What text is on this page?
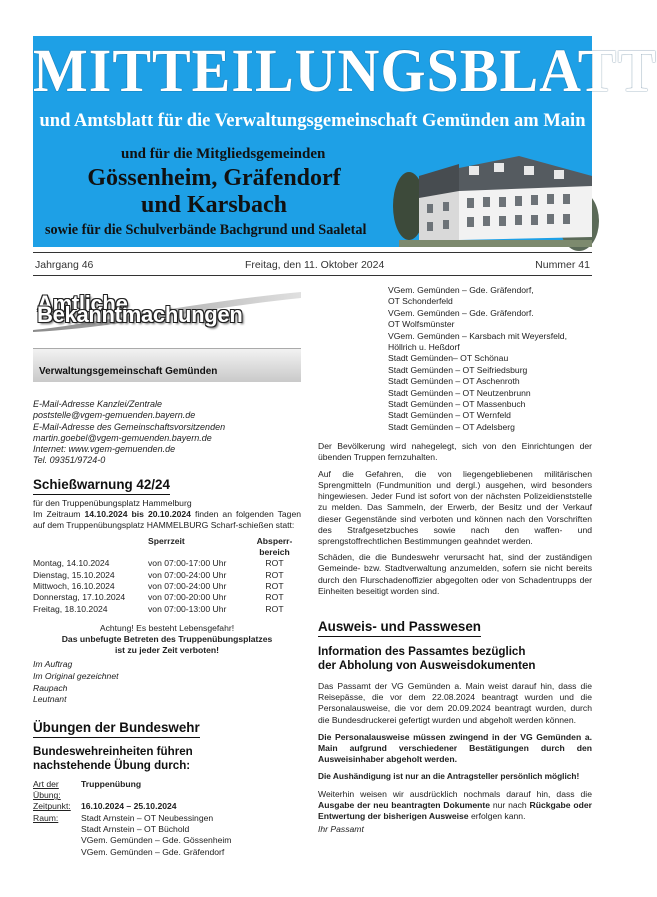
MITTEILUNGSBLATT
und Amtsblatt für die Verwaltungsgemeinschaft Gemünden am Main
und für die Mitgliedsgemeinden
Gössenheim, Gräfendorf
und Karsbach
sowie für die Schulverbände Bachgrund und Saaletal
Jahrgang 46	Freitag, den 11. Oktober 2024	Nummer 41
Amtliche Bekanntmachungen
Verwaltungsgemeinschaft Gemünden
E-Mail-Adresse Kanzlei/Zentrale
poststelle@vgem-gemuenden.bayern.de
E-Mail-Adresse des Gemeinschaftsvorsitzenden
martin.goebel@vgem-gemuenden.bayern.de
Internet: www.vgem-gemuenden.de
Tel. 09351/9724-0
Schießwarnung 42/24
für den Truppenübungsplatz Hammelburg
Im Zeitraum 14.10.2024 bis 20.10.2024 finden an folgenden Tagen auf dem Truppenübungsplatz HAMMELBURG Scharf-schießen statt:
	Sperrzeit	Absperr-
bereich

Montag, 14.10.2024	von 07:00-17:00 Uhr	ROT
Dienstag, 15.10.2024	von 07:00-24:00 Uhr	ROT
Mittwoch, 16.10.2024	von 07:00-24:00 Uhr	ROT
Donnerstag, 17.10.2024	von 07:00-20:00 Uhr	ROT
Freitag, 18.10.2024	von 07:00-13:00 Uhr	ROT
Achtung! Es besteht Lebensgefahr!
Das unbefugte Betreten des Truppenübungsplatzes
ist zu jeder Zeit verboten!
Im Auftrag
Im Original gezeichnet
Raupach
Leutnant
Übungen der Bundeswehr
Bundeswehreinheiten führen
nachstehende Übung durch:
Art der Übung:	Truppenübung
Zeitpunkt:	16.10.2024 – 25.10.2024
Raum:	Stadt Arnstein – OT Neubessingen
	Stadt Arnstein – OT Büchold
	VGem. Gemünden – Gde. Gössenheim
	VGem. Gemünden – Gde. Gräfendorf
VGem. Gemünden – Gde. Gräfendorf,
OT Schonderfeld
VGem. Gemünden – Gde. Gräfendorf.
OT Wolfsmünster
VGem. Gemünden – Karsbach mit Weyersfeld,
Höllrich u. Heßdorf
Stadt Gemünden– OT Schönau
Stadt Gemünden – OT Seifriedsburg
Stadt Gemünden – OT Aschenroth
Stadt Gemünden – OT Neutzenbrunn
Stadt Gemünden – OT Massenbuch
Stadt Gemünden – OT Wernfeld
Stadt Gemünden – OT Adelsberg

Der Bevölkerung wird nahegelegt, sich von den Einrichtungen der übenden Truppen fernzuhalten.

Auf die Gefahren, die von liegengebliebenen militärischen Sprengmitteln (Fundmunition und dergl.) ausgehen, wird besonders hingewiesen. Jeder Fund ist sofort von der nächsten Polizeidienststelle zu melden. Das Sammeln, der Erwerb, der Besitz und der Verkauf dieser Gegenstände sind verboten und können nach den Vorschriften des Strafgesetzbuches sowie nach den waffen- und sprengstoffrechtlichen Bestimmungen geahndet werden.

Schäden, die die Bundeswehr verursacht hat, sind der zuständigen Gemeinde- bzw. Stadtverwaltung anzumelden, sofern sie nicht bereits durch den Flurschadenoffizier abgegolten oder von Schadentrupps der Einheiten beseitigt worden sind.

Ausweis- und Passwesen
Information des Passamtes bezüglich
der Abholung von Ausweisdokumenten

Das Passamt der VG Gemünden a. Main weist darauf hin, dass die Reisepässe, die vor dem 22.08.2024 beantragt wurden und die Personalausweise, die vor dem 20.09.2024 beantragt wurden, durch die Bundesdruckerei gefertigt wurden und abgeholt werden können.

Die Personalausweise müssen zwingend in der VG Gemünden a. Main aufgrund verschiedener Bestätigungen durch den Ausweisinhaber abgeholt werden.

Die Aushändigung ist nur an die Antragsteller persönlich möglich!

Weiterhin weisen wir ausdrücklich nochmals darauf hin, dass die Ausgabe der neu beantragten Dokumente nur nach Rückgabe oder Entwertung der bisherigen Ausweise erfolgen kann.

Ihr Passamt
